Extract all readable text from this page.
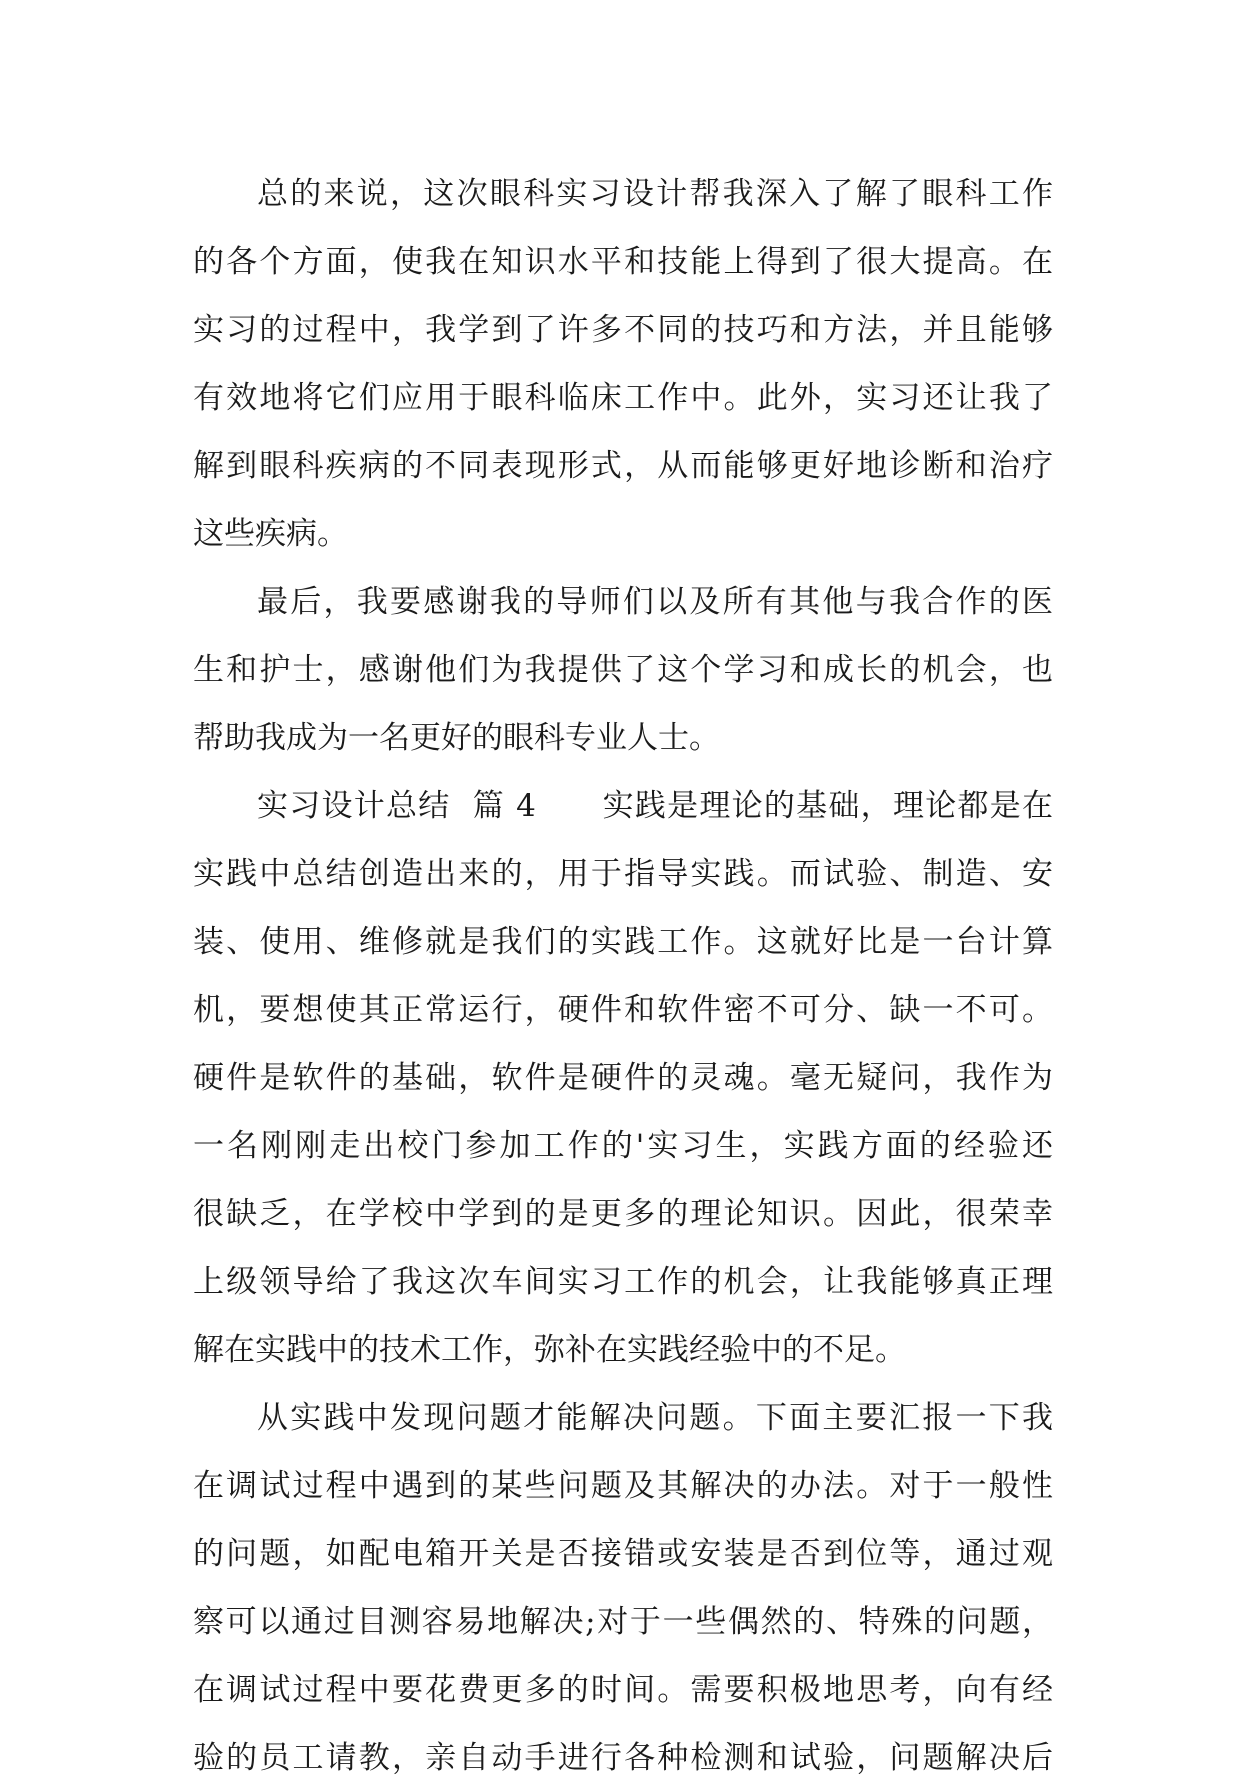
总的来说，这次眼科实习设计帮我深入了解了眼科工作
的各个方面，使我在知识水平和技能上得到了很大提高。在
实习的过程中，我学到了许多不同的技巧和方法，并且能够
有效地将它们应用于眼科临床工作中。此外，实习还让我了
解到眼科疾病的不同表现形式，从而能够更好地诊断和治疗
这些疾病。
最后，我要感谢我的导师们以及所有其他与我合作的医
生和护士，感谢他们为我提供了这个学习和成长的机会，也
帮助我成为一名更好的眼科专业人士。
实习设计总结  篇 4      实践是理论的基础，理论都是在
实践中总结创造出来的，用于指导实践。而试验、制造、安
装、使用、维修就是我们的实践工作。这就好比是一台计算
机，要想使其正常运行，硬件和软件密不可分、缺一不可。
硬件是软件的基础，软件是硬件的灵魂。毫无疑问，我作为
一名刚刚走出校门参加工作的'实习生，实践方面的经验还
很缺乏，在学校中学到的是更多的理论知识。因此，很荣幸
上级领导给了我这次车间实习工作的机会，让我能够真正理
解在实践中的技术工作，弥补在实践经验中的不足。
从实践中发现问题才能解决问题。下面主要汇报一下我
在调试过程中遇到的某些问题及其解决的办法。对于一般性
的问题，如配电箱开关是否接错或安装是否到位等，通过观
察可以通过目测容易地解决;对于一些偶然的、特殊的问题，
在调试过程中要花费更多的时间。需要积极地思考，向有经
验的员工请教，亲自动手进行各种检测和试验，问题解决后
